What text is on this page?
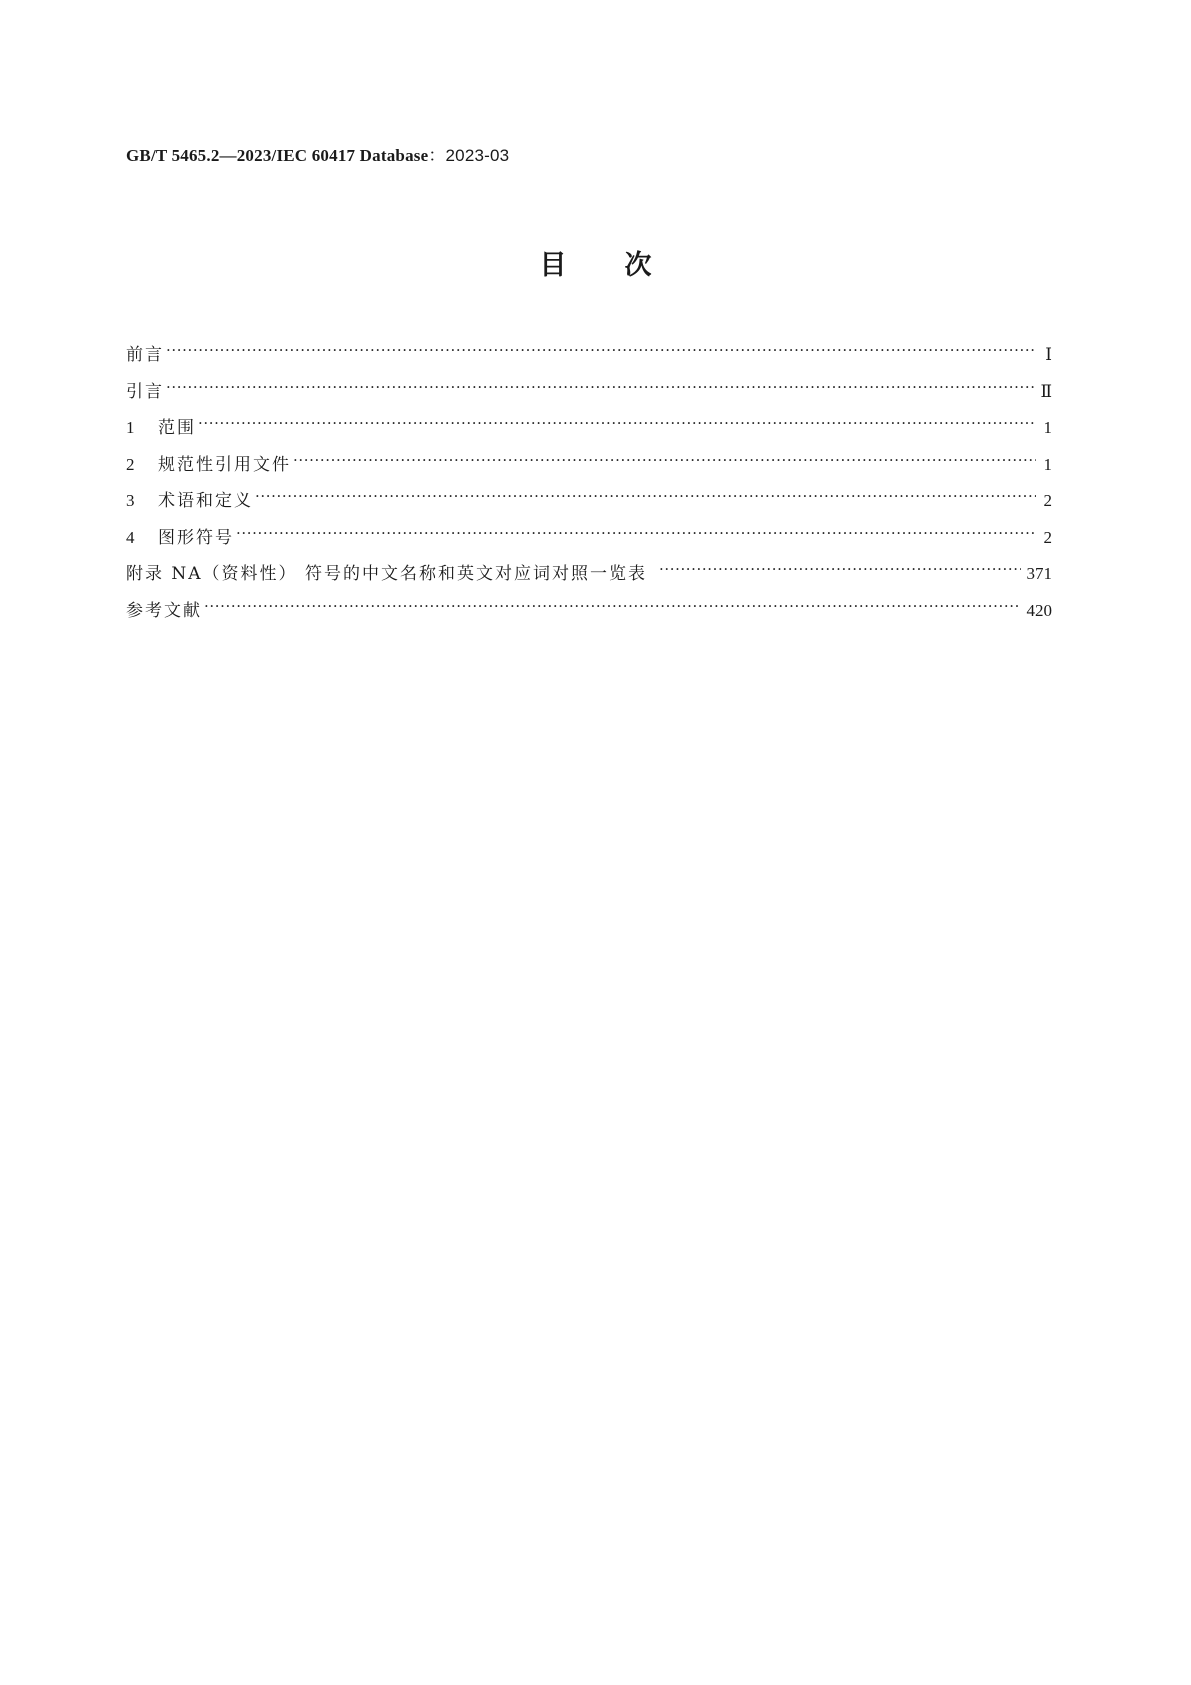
GB/T 5465.2—2023/IEC 60417 Database：2023-03
目次
前言 ·····	Ⅰ
引言 ·····	Ⅱ
1	范围 ·····	1
2	规范性引用文件 ·····	1
3	术语和定义 ·····	2
4	图形符号 ·····	2
附录 NA（资料性） 符号的中文名称和英文对应词对照一览表 ·····	371
参考文献 ·····	420
